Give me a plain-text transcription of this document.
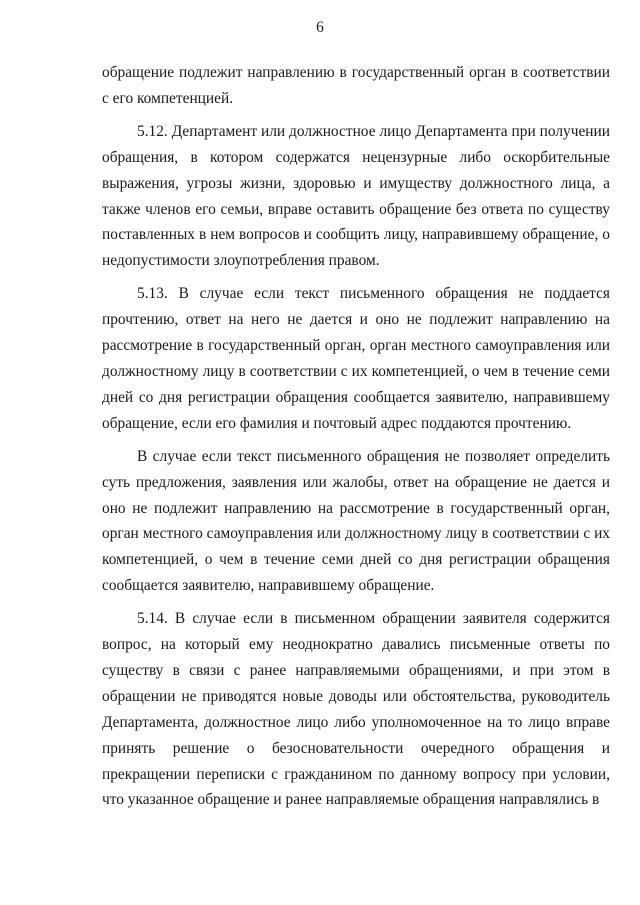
6

обращение подлежит направлению в государственный орган в соответствии с его компетенцией.

5.12. Департамент или должностное лицо Департамента при получении обращения, в котором содержатся нецензурные либо оскорбительные выражения, угрозы жизни, здоровью и имуществу должностного лица, а также членов его семьи, вправе оставить обращение без ответа по существу поставленных в нем вопросов и сообщить лицу, направившему обращение, о недопустимости злоупотребления правом.

5.13. В случае если текст письменного обращения не поддается прочтению, ответ на него не дается и оно не подлежит направлению на рассмотрение в государственный орган, орган местного самоуправления или должностному лицу в соответствии с их компетенцией, о чем в течение семи дней со дня регистрации обращения сообщается заявителю, направившему обращение, если его фамилия и почтовый адрес поддаются прочтению.

В случае если текст письменного обращения не позволяет определить суть предложения, заявления или жалобы, ответ на обращение не дается и оно не подлежит направлению на рассмотрение в государственный орган, орган местного самоуправления или должностному лицу в соответствии с их компетенцией, о чем в течение семи дней со дня регистрации обращения сообщается заявителю, направившему обращение.

5.14. В случае если в письменном обращении заявителя содержится вопрос, на который ему неоднократно давались письменные ответы по существу в связи с ранее направляемыми обращениями, и при этом в обращении не приводятся новые доводы или обстоятельства, руководитель Департамента, должностное лицо либо уполномоченное на то лицо вправе принять решение о безосновательности очередного обращения и прекращении переписки с гражданином по данному вопросу при условии, что указанное обращение и ранее направляемые обращения направлялись в
